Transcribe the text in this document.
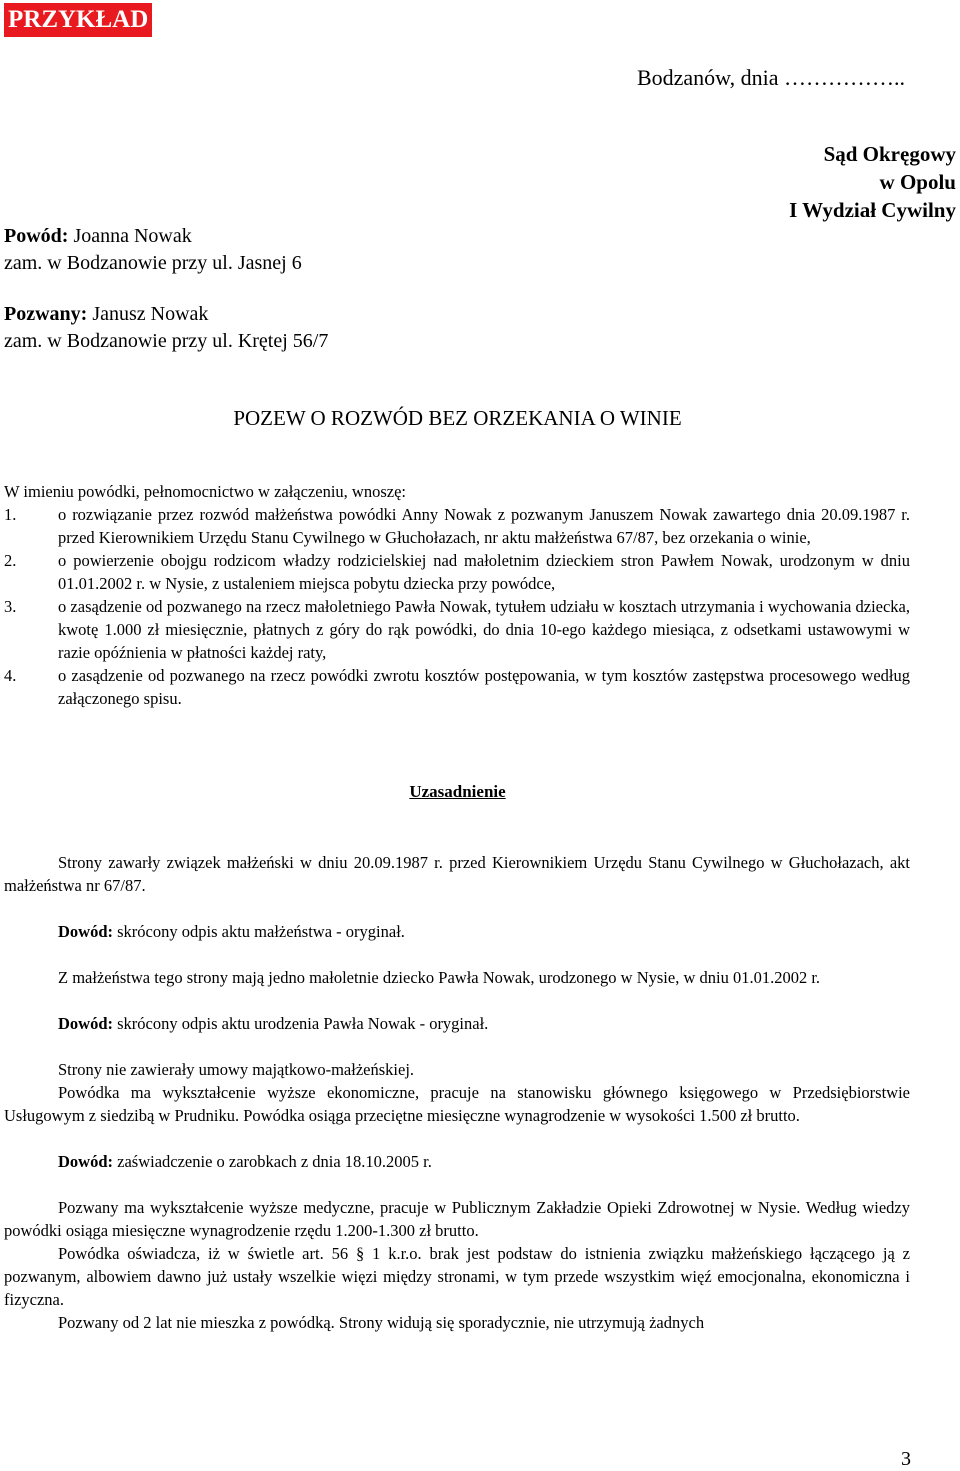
PRZYKŁAD
Bodzanów, dnia ……………..
Sąd Okręgowy
w Opolu
I Wydział Cywilny
Powód: Joanna Nowak
zam. w Bodzanowie przy ul. Jasnej 6
Pozwany: Janusz Nowak
zam. w Bodzanowie przy ul. Krętej 56/7
POZEW O ROZWÓD BEZ ORZEKANIA O WINIE

W imieniu powódki, pełnomocnictwo w załączeniu, wnoszę:

1.	o rozwiązanie przez rozwód małżeństwa powódki Anny Nowak z pozwanym Januszem Nowak zawartego dnia 20.09.1987 r. przed Kierownikiem Urzędu Stanu Cywilnego w Głuchołazach, nr aktu małżeństwa 67/87, bez orzekania o winie,
2.	o powierzenie obojgu rodzicom władzy rodzicielskiej nad małoletnim dzieckiem stron Pawłem Nowak, urodzonym w dniu 01.01.2002 r. w Nysie, z ustaleniem miejsca pobytu dziecka przy powódce,
3.	o zasądzenie od pozwanego na rzecz małoletniego Pawła Nowak, tytułem udziału w kosztach utrzymania i wychowania dziecka, kwotę 1.000 zł miesięcznie, płatnych z góry do rąk powódki, do dnia 10-ego każdego miesiąca, z odsetkami ustawowymi w razie opóźnienia w płatności każdej raty,
4.	o zasądzenie od pozwanego na rzecz powódki zwrotu kosztów postępowania, w tym kosztów zastępstwa procesowego według załączonego spisu.
Uzasadnienie

Strony zawarły związek małżeński w dniu 20.09.1987 r. przed Kierownikiem Urzędu Stanu Cywilnego w Głuchołazach, akt małżeństwa nr 67/87.

Dowód: skrócony odpis aktu małżeństwa - oryginał.

Z małżeństwa tego strony mają jedno małoletnie dziecko Pawła Nowak, urodzonego w Nysie, w dniu 01.01.2002 r.

Dowód: skrócony odpis aktu urodzenia Pawła Nowak - oryginał.

Strony nie zawierały umowy majątkowo-małżeńskiej.

Powódka ma wykształcenie wyższe ekonomiczne, pracuje na stanowisku głównego księgowego w Przedsiębiorstwie Usługowym z siedzibą w Prudniku. Powódka osiąga przeciętne miesięczne wynagrodzenie w wysokości 1.500 zł brutto.

Dowód: zaświadczenie o zarobkach z dnia 18.10.2005 r.

Pozwany ma wykształcenie wyższe medyczne, pracuje w Publicznym Zakładzie Opieki Zdrowotnej w Nysie. Według wiedzy powódki osiąga miesięczne wynagrodzenie rzędu 1.200-1.300 zł brutto.

Powódka oświadcza, iż w świetle art. 56 § 1 k.r.o. brak jest podstaw do istnienia związku małżeńskiego łączącego ją z pozwanym, albowiem dawno już ustały wszelkie więzi między stronami, w tym przede wszystkim więź emocjonalna, ekonomiczna i fizyczna.

Pozwany od 2 lat nie mieszka z powódką. Strony widują się sporadycznie, nie utrzymują żadnych

3
